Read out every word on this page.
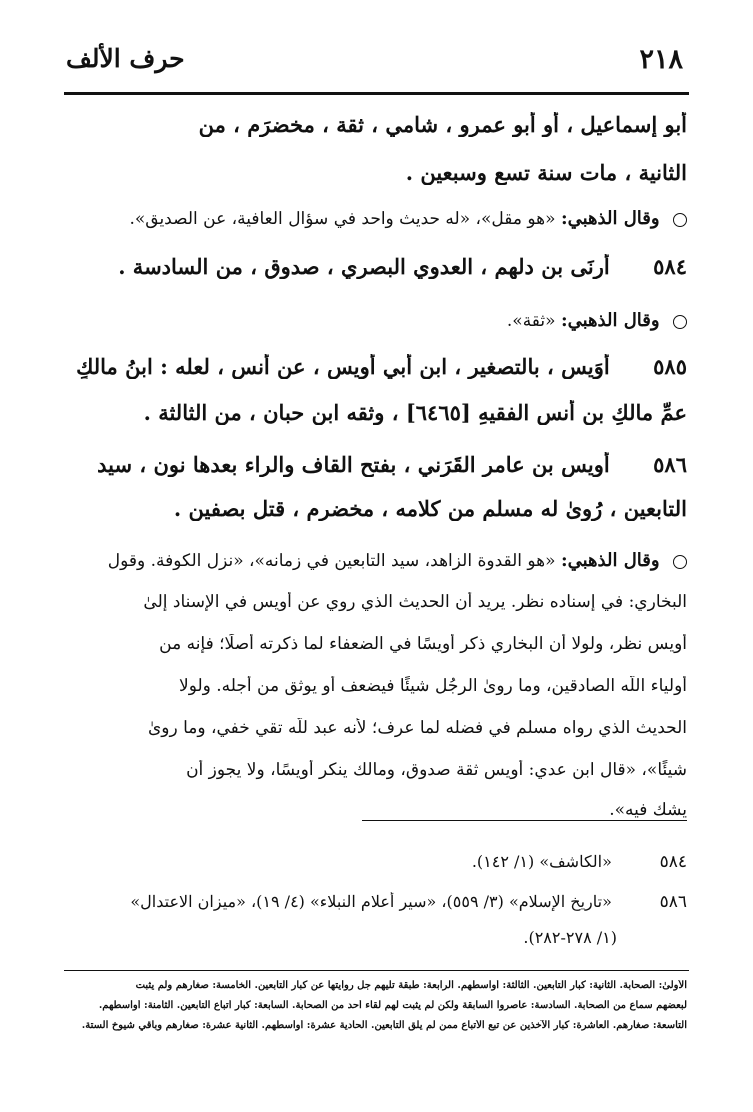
٢١٨
حرف الألف
أبو إسماعيل ، أو أبو عمرو ، شامي ، ثقة ، مخضرَم ، من
الثانية ، مات سنة تسع وسبعين .
وقال الذهبي: «هو مقل»، «له حديث واحد في سؤال العافية، عن الصديق».
٥٨٤ أرنَى بن دلهم ، العدوي البصري ، صدوق ، من السادسة .
وقال الذهبي: «ثقة».
٥٨٥ أُوَيس ، بالتصغير ، ابن أبي أويس ، عن أنس ، لعله : ابنُ مالكٍ
عمِّ مالكِ بنِ أنسٍ الفقيهِ [٦٤٦٥] ، وثقه ابن حبان ، من الثالثة .
٥٨٦ أُويس بن عامر القَرَني ، بفتح القاف والراء بعدها نون ، سيد
التابعين ، رُوىٰ له مسلم من كلامه ، مخضرم ، قتل بصفين .
وقال الذهبي: «هو القدوة الزاهد، سيد التابعين في زمانه»، «نزل الكوفة. وقول
البخاري: في إسناده نظر. يريد أن الحديث الذي روي عن أويس في الإسناد إلىٰ
أويس نظر، ولولا أن البخاري ذكر أويسًا في الضعفاء لما ذكرته أصلًا؛ فإنه من
أولياء اللّه الصادقين، وما روىٰ الرجُل شيئًا فيضعف أو يوثق من أجله. ولولا
الحديث الذي رواه مسلم في فضله لما عرف؛ لأنه عبد للّه تقي خفي، وما روىٰ
شيئًا»، «قال ابن عدي: أويس ثقة صدوق، ومالك ينكر أويسًا، ولا يجوز أن
يشك فيه».
٥٨٤ «الكاشف» (١/ ١٤٢).
٥٨٦ «تاريخ الإسلام» (٣/ ٥٥٩)، «سير أعلام النبلاء» (٤/ ١٩)، «ميزان الاعتدال»
(١/ ٢٧٨-٢٨٢).
الأولىٰ: الصحابة. الثانية: كبار التابعين. الثالثة: أواسطهم. الرابعة: طبقة تليهم جل روايتها عن كبار التابعين. الخامسة: صغارهم ولم يثبت
لبعضهم سماع من الصحابة. السادسة: عاصروا السابقة ولكن لم يثبت لهم لقاء أحد من الصحابة. السابعة: كبار أتباع التابعين. الثامنة: أواسطهم.
التاسعة: صغارهم. العاشرة: كبار الآخذين عن تبع الأتباع ممن لم يلق التابعين. الحادية عشرة: أواسطهم. الثانية عشرة: صغارهم وباقي شيوخ الستة.
